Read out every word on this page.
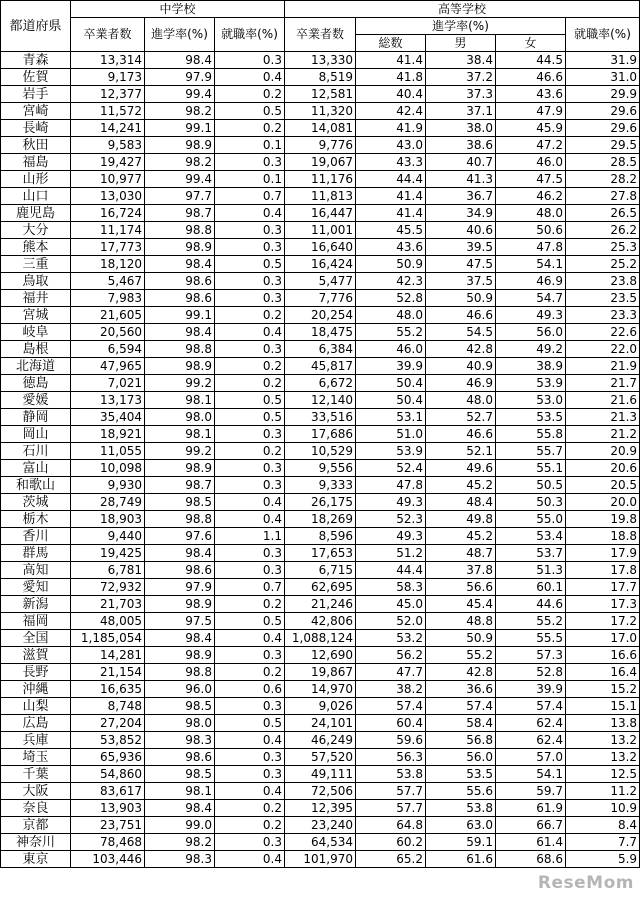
都道府県	中学校			高等学校				
	卒業者数	進学率(%)	就職率(%)	卒業者数	進学率(%)			就職率(%)
					総数	男	女	
青森	13,314	98.4	0.3	13,330	41.4	38.4	44.5	31.9
佐賀	9,173	97.9	0.4	8,519	41.8	37.2	46.6	31.0
岩手	12,377	99.4	0.2	12,581	40.4	37.3	43.6	29.9
宮崎	11,572	98.2	0.5	11,320	42.4	37.1	47.9	29.6
長崎	14,241	99.1	0.2	14,081	41.9	38.0	45.9	29.6
秋田	9,583	98.9	0.1	9,776	43.0	38.6	47.2	29.5
福島	19,427	98.2	0.3	19,067	43.3	40.7	46.0	28.5
山形	10,977	99.4	0.1	11,176	44.4	41.3	47.5	28.2
山口	13,030	97.7	0.7	11,813	41.4	36.7	46.2	27.8
鹿児島	16,724	98.7	0.4	16,447	41.4	34.9	48.0	26.5
大分	11,174	98.8	0.3	11,001	45.5	40.6	50.6	26.2
熊本	17,773	98.9	0.3	16,640	43.6	39.5	47.8	25.3
三重	18,120	98.4	0.5	16,424	50.9	47.5	54.1	25.2
鳥取	5,467	98.6	0.3	5,477	42.3	37.5	46.9	23.8
福井	7,983	98.6	0.3	7,776	52.8	50.9	54.7	23.5
宮城	21,605	99.1	0.2	20,254	48.0	46.6	49.3	23.3
岐阜	20,560	98.4	0.4	18,475	55.2	54.5	56.0	22.6
島根	6,594	98.8	0.3	6,384	46.0	42.8	49.2	22.0
北海道	47,965	98.9	0.2	45,817	39.9	40.9	38.9	21.9
徳島	7,021	99.2	0.2	6,672	50.4	46.9	53.9	21.7
愛媛	13,173	98.1	0.5	12,140	50.4	48.0	53.0	21.6
静岡	35,404	98.0	0.5	33,516	53.1	52.7	53.5	21.3
岡山	18,921	98.1	0.3	17,686	51.0	46.6	55.8	21.2
石川	11,055	99.2	0.2	10,529	53.9	52.1	55.7	20.9
富山	10,098	98.9	0.3	9,556	52.4	49.6	55.1	20.6
和歌山	9,930	98.7	0.3	9,333	47.8	45.2	50.5	20.5
茨城	28,749	98.5	0.4	26,175	49.3	48.4	50.3	20.0
栃木	18,903	98.8	0.4	18,269	52.3	49.8	55.0	19.8
香川	9,440	97.6	1.1	8,596	49.3	45.2	53.4	18.8
群馬	19,425	98.4	0.3	17,653	51.2	48.7	53.7	17.9
高知	6,781	98.6	0.3	6,715	44.4	37.8	51.3	17.8
愛知	72,932	97.9	0.7	62,695	58.3	56.6	60.1	17.7
新潟	21,703	98.9	0.2	21,246	45.0	45.4	44.6	17.3
福岡	48,005	97.5	0.5	42,806	52.0	48.8	55.2	17.2
全国	1,185,054	98.4	0.4	1,088,124	53.2	50.9	55.5	17.0
滋賀	14,281	98.9	0.3	12,690	56.2	55.2	57.3	16.6
長野	21,154	98.8	0.2	19,867	47.7	42.8	52.8	16.4
沖縄	16,635	96.0	0.6	14,970	38.2	36.6	39.9	15.2
山梨	8,748	98.5	0.3	9,026	57.4	57.4	57.4	15.1
広島	27,204	98.0	0.5	24,101	60.4	58.4	62.4	13.8
兵庫	53,852	98.3	0.4	46,249	59.6	56.8	62.4	13.2
埼玉	65,936	98.6	0.3	57,520	56.3	56.0	57.0	13.2
千葉	54,860	98.5	0.3	49,111	53.8	53.5	54.1	12.5
大阪	83,617	98.1	0.4	72,506	57.7	55.6	59.7	11.2
奈良	13,903	98.4	0.2	12,395	57.7	53.8	61.9	10.9
京都	23,751	99.0	0.2	23,240	64.8	63.0	66.7	8.4
神奈川	78,468	98.2	0.3	64,534	60.2	59.1	61.4	7.7
東京	103,446	98.3	0.4	101,970	65.2	61.6	68.6	5.9
ReseMom
